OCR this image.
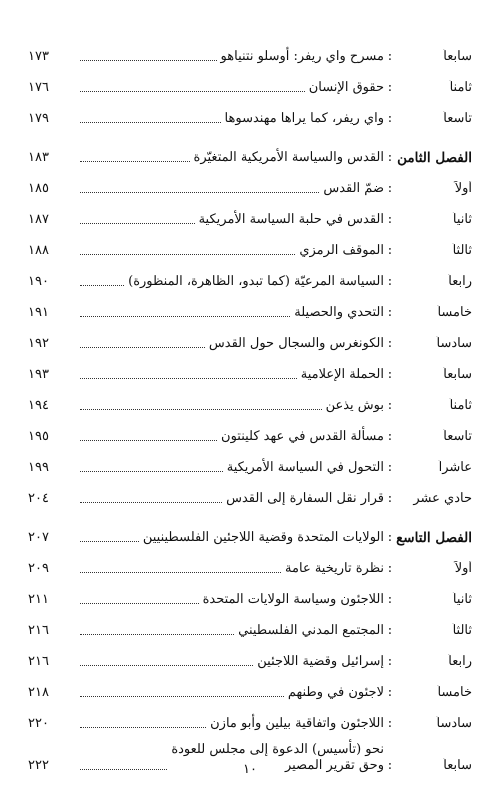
سابعاً
:
مسرح واي ريفر: أوسلو نتنياهو
١٧٣
ثامناً
:
حقوق الإنسان
١٧٦
تاسعاً
:
واي ريفر، كما يراها مهندسوها
١٧٩
الفصل الثامن
:
القدس والسياسة الأمريكية المتغيّرة
١٨٣
أولاً
:
ضمّ القدس
١٨٥
ثانياً
:
القدس في حلبة السياسة الأمريكية
١٨٧
ثالثاً
:
الموقف الرمزي
١٨٨
رابعاً
:
السياسة المرعيّة (كما تبدو، الظاهرة، المنظورة)
١٩٠
خامساً
:
التحدي والحصيلة
١٩١
سادساً
:
الكونغرس والسجال حول القدس
١٩٢
سابعاً
:
الحملة الإعلامية
١٩٣
ثامناً
:
بوش يذعن
١٩٤
تاسعاً
:
مسألة القدس في عهد كلينتون
١٩٥
عاشراً
:
التحول في السياسة الأمريكية
١٩٩
حادي عشر
:
قرار نقل السفارة إلى القدس
٢٠٤
الفصل التاسع
:
الولايات المتحدة وقضية اللاجئين الفلسطينيين
٢٠٧
أولاً
:
نظرة تاريخية عامة
٢٠٩
ثانياً
:
اللاجئون وسياسة الولايات المتحدة
٢١١
ثالثاً
:
المجتمع المدني الفلسطيني
٢١٦
رابعاً
:
إسرائيل وقضية اللاجئين
٢١٦
خامساً
:
لاجئون في وطنهم
٢١٨
سادساً
:
اللاجئون واتفاقية بيلين وأبو مازن
٢٢٠
سابعاً
:
نحو (تأسيس) الدعوة إلى مجلس للعودة
وحق تقرير المصير
٢٢٢	١٠
